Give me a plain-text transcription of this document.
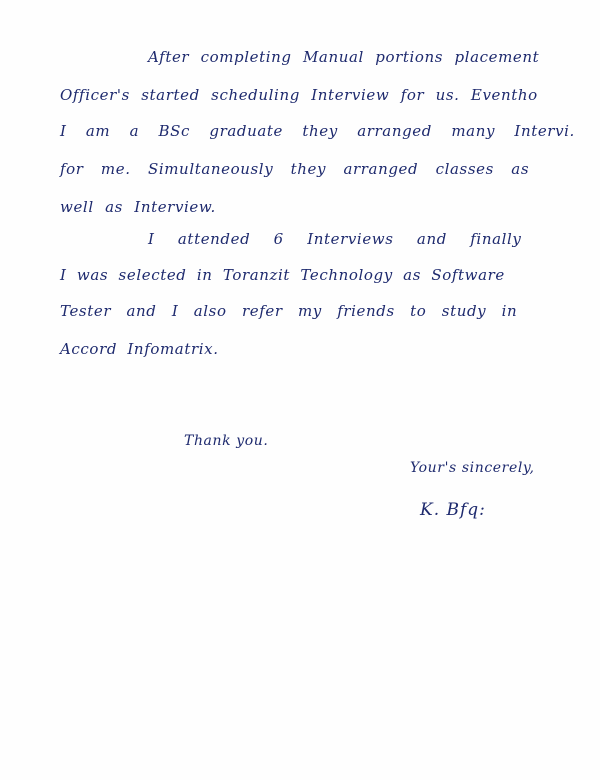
After completing Manual portions placement
Officer's started scheduling Interview for us. Eventho
I am a BSc graduate they arranged many Intervi.
for me. Simultaneously they arranged classes as
well as Interview.
I attended 6 Interviews and finally
I was selected in Toranzit Technology as Software
Tester and I also refer my friends to study in
Accord Infomatrix.
Thank you.
Your's sincerely,
K. Bfq:
